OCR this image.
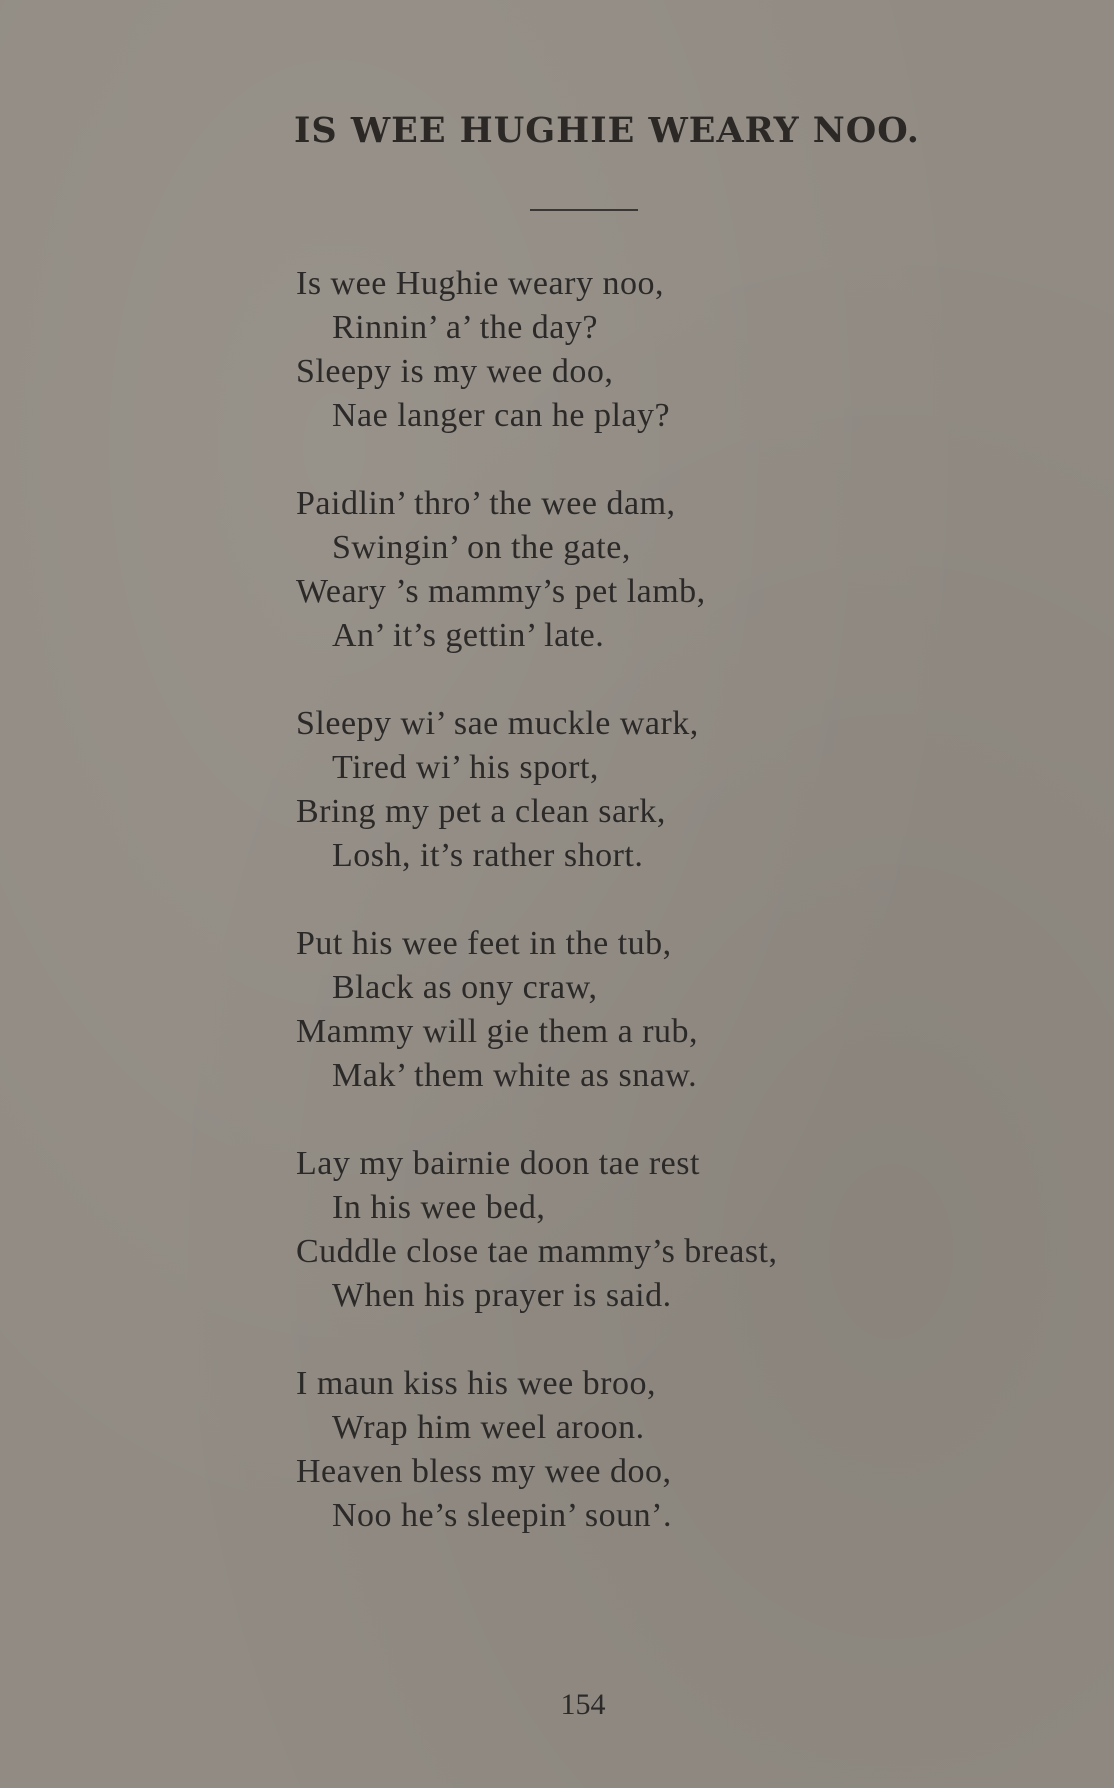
IS WEE HUGHIE WEARY NOO.
Is wee Hughie weary noo,
Rinnin’ a’ the day?
Sleepy is my wee doo,
Nae langer can he play?
Paidlin’ thro’ the wee dam,
Swingin’ on the gate,
Weary ’s mammy’s pet lamb,
An’ it’s gettin’ late.
Sleepy wi’ sae muckle wark,
Tired wi’ his sport,
Bring my pet a clean sark,
Losh, it’s rather short.
Put his wee feet in the tub,
Black as ony craw,
Mammy will gie them a rub,
Mak’ them white as snaw.
Lay my bairnie doon tae rest
In his wee bed,
Cuddle close tae mammy’s breast,
When his prayer is said.
I maun kiss his wee broo,
Wrap him weel aroon.
Heaven bless my wee doo,
Noo he’s sleepin’ soun’.
154
